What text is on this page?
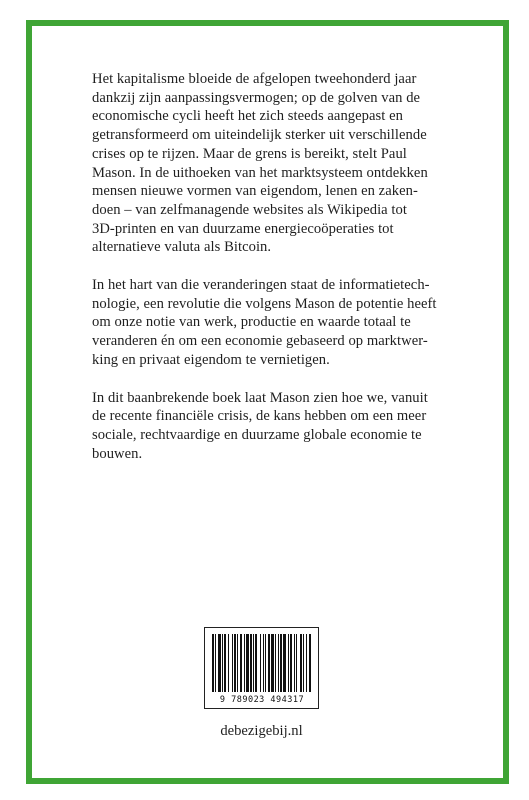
Het kapitalisme bloeide de afgelopen tweehonderd jaar
dankzij zijn aanpassingsvermogen; op de golven van de
economische cycli heeft het zich steeds aangepast en
getransformeerd om uiteindelijk sterker uit verschillende
crises op te rijzen. Maar de grens is bereikt, stelt Paul
Mason. In de uithoeken van het marktsysteem ontdekken
mensen nieuwe vormen van eigendom, lenen en zaken-
doen – van zelfmanagende websites als Wikipedia tot
3D-printen en van duurzame energiecoöperaties tot
alternatieve valuta als Bitcoin.

In het hart van die veranderingen staat de informatietech-
nologie, een revolutie die volgens Mason de potentie heeft
om onze notie van werk, productie en waarde totaal te
veranderen én om een economie gebaseerd op marktwer-
king en privaat eigendom te vernietigen.

In dit baanbrekende boek laat Mason zien hoe we, vanuit
de recente financiële crisis, de kans hebben om een meer
sociale, rechtvaardige en duurzame globale economie te
bouwen.

9 789023 494317
debezigebij.nl
